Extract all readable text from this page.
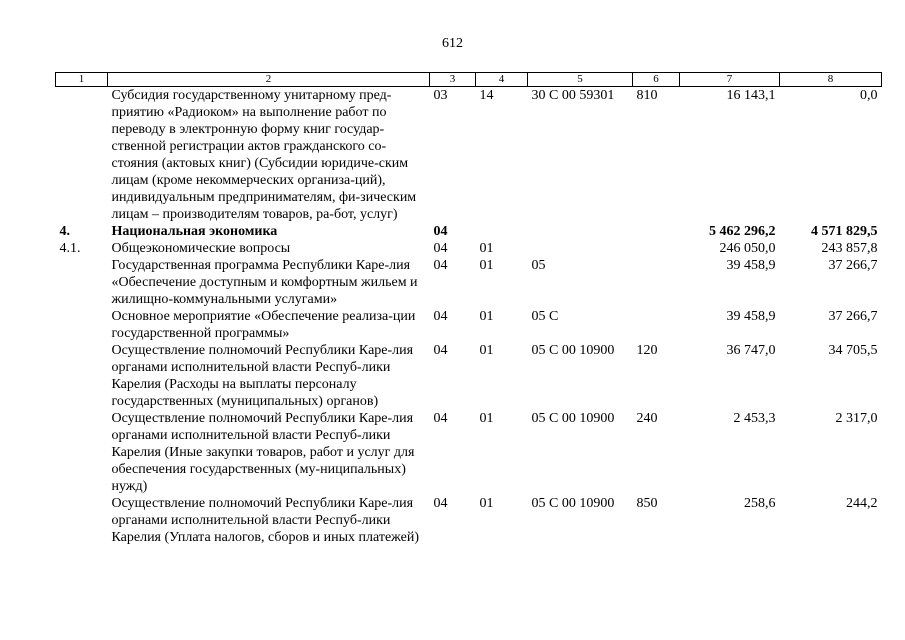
612
1	2	3	4	5	6	7	8
	Субсидия государственному унитарному пред-приятию «Радиоком» на выполнение работ по переводу в электронную форму книг государ-ственной регистрации актов гражданского со-стояния (актовых книг) (Субсидии юридиче-ским лицам (кроме некоммерческих организа-ций), индивидуальным предпринимателям, фи-зическим лицам – производителям товаров, ра-бот, услуг)	03	14	30 С 00 59301	810	16 143,1	0,0
4.	Национальная экономика	04				5 462 296,2	4 571 829,5
4.1.	Общеэкономические вопросы	04	01			246 050,0	243 857,8
	Государственная программа Республики Каре-лия «Обеспечение доступным и комфортным жильем и жилищно-коммунальными услугами»	04	01	05		39 458,9	37 266,7
	Основное мероприятие «Обеспечение реализа-ции государственной программы»	04	01	05 С		39 458,9	37 266,7
	Осуществление полномочий Республики Каре-лия органами исполнительной власти Респуб-лики Карелия (Расходы на выплаты персоналу государственных (муниципальных) органов)	04	01	05 С 00 10900	120	36 747,0	34 705,5
	Осуществление полномочий Республики Каре-лия органами исполнительной власти Респуб-лики Карелия (Иные закупки товаров, работ и услуг для обеспечения государственных (му-ниципальных) нужд)	04	01	05 С 00 10900	240	2 453,3	2 317,0
	Осуществление полномочий Республики Каре-лия органами исполнительной власти Респуб-лики Карелия (Уплата налогов, сборов и иных платежей)	04	01	05 С 00 10900	850	258,6	244,2
